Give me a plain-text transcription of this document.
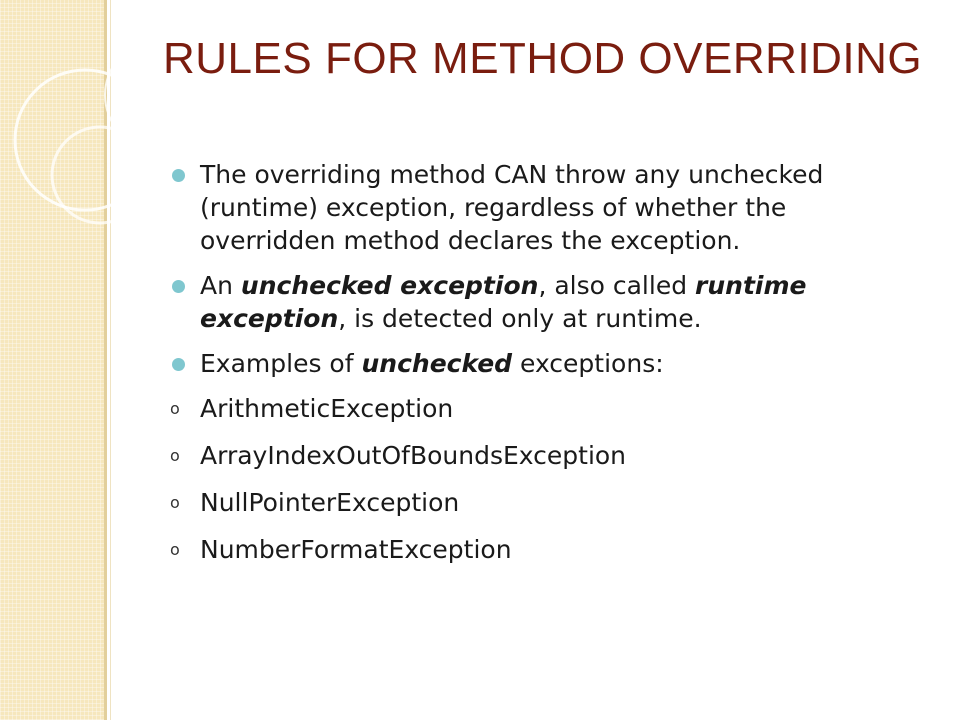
RULES FOR METHOD OVERRIDING
The overriding method CAN throw any unchecked (runtime) exception, regardless of whether the overridden method declares the exception.
An unchecked exception, also called runtime exception, is detected only at runtime.
Examples of unchecked exceptions:
o ArithmeticException
o ArrayIndexOutOfBoundsException
o NullPointerException
o NumberFormatException
